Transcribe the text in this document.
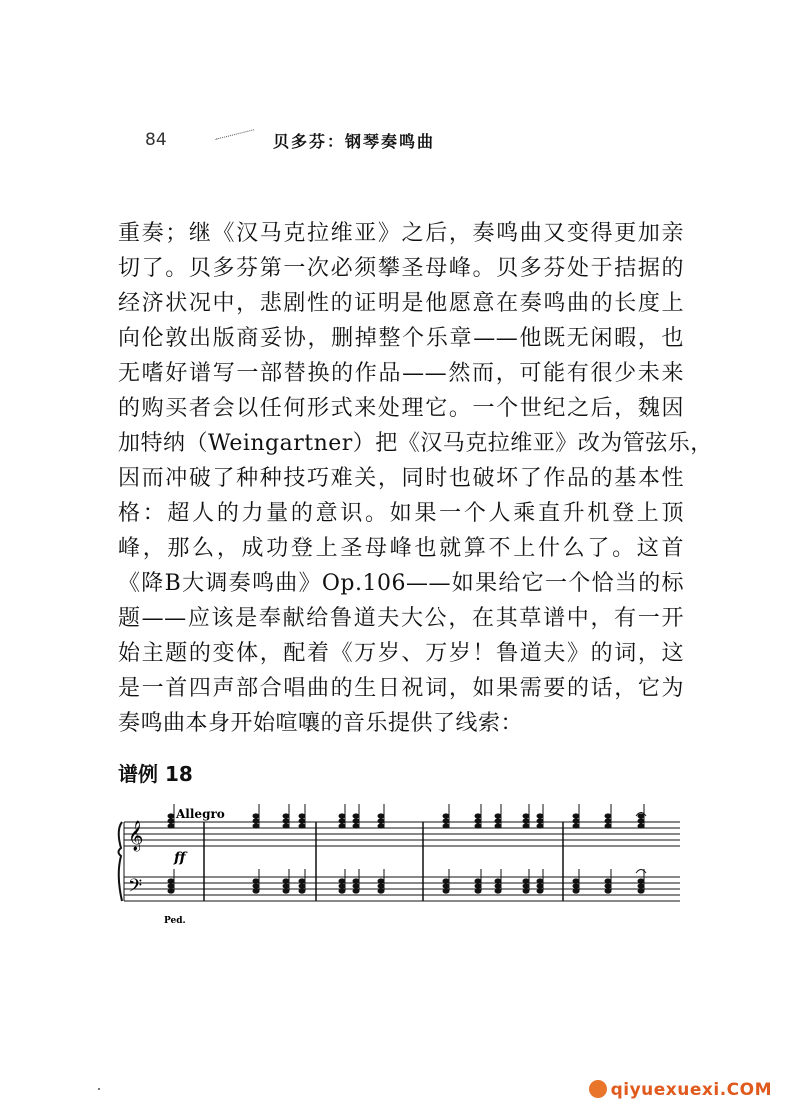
84	贝多芬：钢琴奏鸣曲
重奏；继《汉马克拉维亚》之后，奏鸣曲又变得更加亲
切了。贝多芬第一次必须攀圣母峰。贝多芬处于拮据的
经济状况中，悲剧性的证明是他愿意在奏鸣曲的长度上
向伦敦出版商妥协，删掉整个乐章——他既无闲暇，也
无嗜好谱写一部替换的作品——然而，可能有很少未来
的购买者会以任何形式来处理它。一个世纪之后，魏因
加特纳（Weingartner）把《汉马克拉维亚》改为管弦乐，
因而冲破了种种技巧难关，同时也破坏了作品的基本性
格：超人的力量的意识。如果一个人乘直升机登上顶
峰，那么，成功登上圣母峰也就算不上什么了。这首
《降B大调奏鸣曲》Op.106——如果给它一个恰当的标
题——应该是奉献给鲁道夫大公，在其草谱中，有一开
始主题的变体，配着《万岁、万岁！鲁道夫》的词，这
是一首四声部合唱曲的生日祝词，如果需要的话，它为
奏鸣曲本身开始喧嚷的音乐提供了线索：
谱例 18
Allegro
ff
Ped.
𝄞
𝄢
qiyuexuexi.COM
